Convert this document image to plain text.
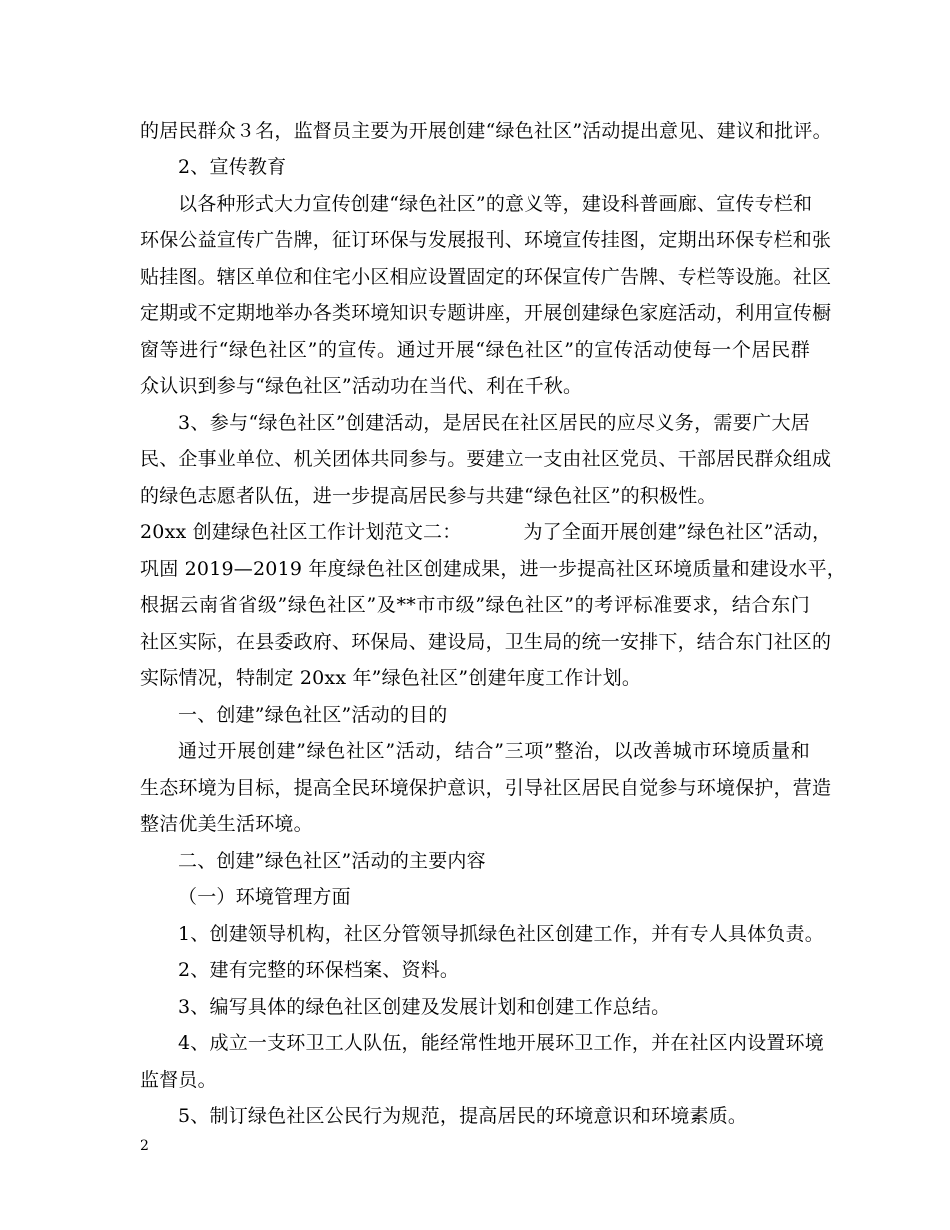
的居民群众３名，监督员主要为开展创建“绿色社区”活动提出意见、建议和批评。
2、宣传教育
以各种形式大力宣传创建“绿色社区”的意义等，建设科普画廊、宣传专栏和
环保公益宣传广告牌，征订环保与发展报刊、环境宣传挂图，定期出环保专栏和张
贴挂图。辖区单位和住宅小区相应设置固定的环保宣传广告牌、专栏等设施。社区
定期或不定期地举办各类环境知识专题讲座，开展创建绿色家庭活动，利用宣传橱
窗等进行“绿色社区”的宣传。通过开展“绿色社区”的宣传活动使每一个居民群
众认识到参与“绿色社区”活动功在当代、利在千秋。
3、参与“绿色社区”创建活动，是居民在社区居民的应尽义务，需要广大居
民、企事业单位、机关团体共同参与。要建立一支由社区党员、干部居民群众组成
的绿色志愿者队伍，进一步提高居民参与共建“绿色社区”的积极性。
20xx 创建绿色社区工作计划范文二：	为了全面开展创建”绿色社区”活动，
巩固 2019—2019 年度绿色社区创建成果，进一步提高社区环境质量和建设水平，
根据云南省省级”绿色社区”及**市市级”绿色社区”的考评标准要求，结合东门
社区实际，在县委政府、环保局、建设局，卫生局的统一安排下，结合东门社区的
实际情况，特制定 20xx 年”绿色社区”创建年度工作计划。
一、创建”绿色社区”活动的目的
通过开展创建”绿色社区”活动，结合”三项”整治，以改善城市环境质量和
生态环境为目标，提高全民环境保护意识，引导社区居民自觉参与环境保护，营造
整洁优美生活环境。
二、创建”绿色社区”活动的主要内容
（一）环境管理方面
1、创建领导机构，社区分管领导抓绿色社区创建工作，并有专人具体负责。
2、建有完整的环保档案、资料。
3、编写具体的绿色社区创建及发展计划和创建工作总结。
4、成立一支环卫工人队伍，能经常性地开展环卫工作，并在社区内设置环境
监督员。
5、制订绿色社区公民行为规范，提高居民的环境意识和环境素质。
2
